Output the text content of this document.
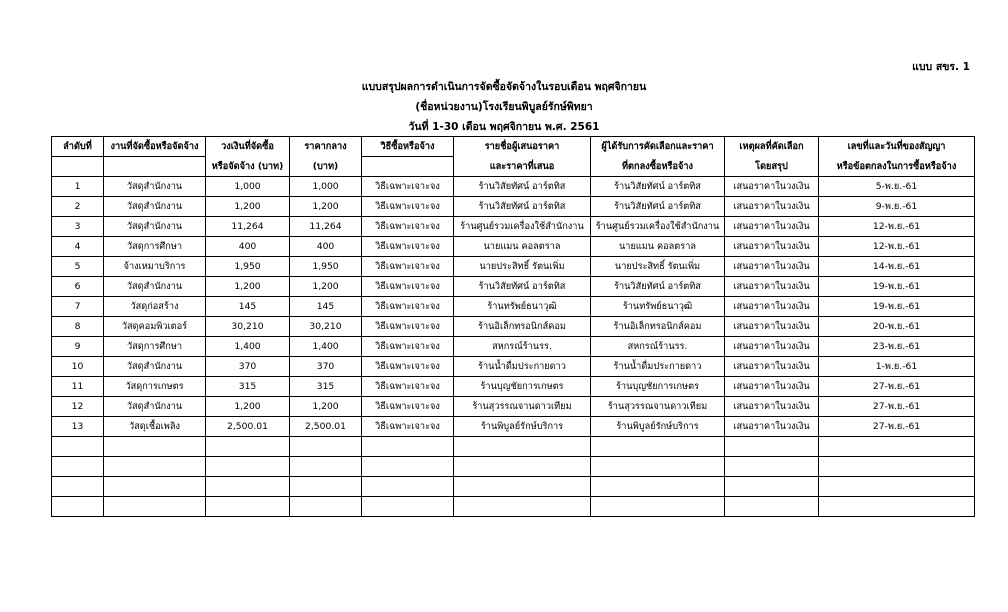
แบบ สขร. 1
แบบสรุปผลการดำเนินการจัดซื้อจัดจ้างในรอบเดือน พฤศจิกายน
(ชื่อหน่วยงาน)โรงเรียนพิบูลย์รักษ์พิทยา
วันที่ 1-30 เดือน พฤศจิกายน พ.ศ. 2561
ลำดับที่	งานที่จัดซื้อหรือจัดจ้าง	วงเงินที่จัดซื้อ	ราคากลาง	วิธีซื้อหรือจ้าง	รายชื่อผู้เสนอราคา	ผู้ได้รับการคัดเลือกและราคา	เหตุผลที่คัดเลือก	เลขที่และวันที่ของสัญญา
		หรือจัดจ้าง (บาท)	(บาท)		และราคาที่เสนอ	ที่ตกลงซื้อหรือจ้าง	โดยสรุป	หรือข้อตกลงในการซื้อหรือจ้าง
1	วัสดุสำนักงาน	1,000	1,000	วิธีเฉพาะเจาะจง	ร้านวิสัยทัศน์ อาร์ตทิส	ร้านวิสัยทัศน์ อาร์ตทิส	เสนอราคาในวงเงิน	5-พ.ย.-61
2	วัสดุสำนักงาน	1,200	1,200	วิธีเฉพาะเจาะจง	ร้านวิสัยทัศน์ อาร์ตทิส	ร้านวิสัยทัศน์ อาร์ตทิส	เสนอราคาในวงเงิน	9-พ.ย.-61
3	วัสดุสำนักงาน	11,264	11,264	วิธีเฉพาะเจาะจง	ร้านศูนย์รวมเครื่องใช้สำนักงาน	ร้านศูนย์รวมเครื่องใช้สำนักงาน	เสนอราคาในวงเงิน	12-พ.ย.-61
4	วัสดุการศึกษา	400	400	วิธีเฉพาะเจาะจง	นายแมน คอลตราล	นายแมน คอลตราล	เสนอราคาในวงเงิน	12-พ.ย.-61
5	จ้างเหมาบริการ	1,950	1,950	วิธีเฉพาะเจาะจง	นายประสิทธิ์ รัตนเพิ่ม	นายประสิทธิ์ รัตนเพิ่ม	เสนอราคาในวงเงิน	14-พ.ย.-61
6	วัสดุสำนักงาน	1,200	1,200	วิธีเฉพาะเจาะจง	ร้านวิสัยทัศน์ อาร์ตทิส	ร้านวิสัยทัศน์ อาร์ตทิส	เสนอราคาในวงเงิน	19-พ.ย.-61
7	วัสดุก่อสร้าง	145	145	วิธีเฉพาะเจาะจง	ร้านทรัพย์ธนาวุฒิ	ร้านทรัพย์ธนาวุฒิ	เสนอราคาในวงเงิน	19-พ.ย.-61
8	วัสดุคอมพิวเตอร์	30,210	30,210	วิธีเฉพาะเจาะจง	ร้านอิเล็กทรอนิกส์คอม	ร้านอิเล็กทรอนิกส์คอม	เสนอราคาในวงเงิน	20-พ.ย.-61
9	วัสดุการศึกษา	1,400	1,400	วิธีเฉพาะเจาะจง	สหกรณ์ร้านรร.	สหกรณ์ร้านรร.	เสนอราคาในวงเงิน	23-พ.ย.-61
10	วัสดุสำนักงาน	370	370	วิธีเฉพาะเจาะจง	ร้านน้ำดื่มประกายดาว	ร้านน้ำดื่มประกายดาว	เสนอราคาในวงเงิน	1-พ.ย.-61
11	วัสดุการเกษตร	315	315	วิธีเฉพาะเจาะจง	ร้านบุญชัยการเกษตร	ร้านบุญชัยการเกษตร	เสนอราคาในวงเงิน	27-พ.ย.-61
12	วัสดุสำนักงาน	1,200	1,200	วิธีเฉพาะเจาะจง	ร้านสุวรรณจานดาวเทียม	ร้านสุวรรณจานดาวเทียม	เสนอราคาในวงเงิน	27-พ.ย.-61
13	วัสดุเชื้อเพลิง	2,500.01	2,500.01	วิธีเฉพาะเจาะจง	ร้านพิบูลย์รักษ์บริการ	ร้านพิบูลย์รักษ์บริการ	เสนอราคาในวงเงิน	27-พ.ย.-61
